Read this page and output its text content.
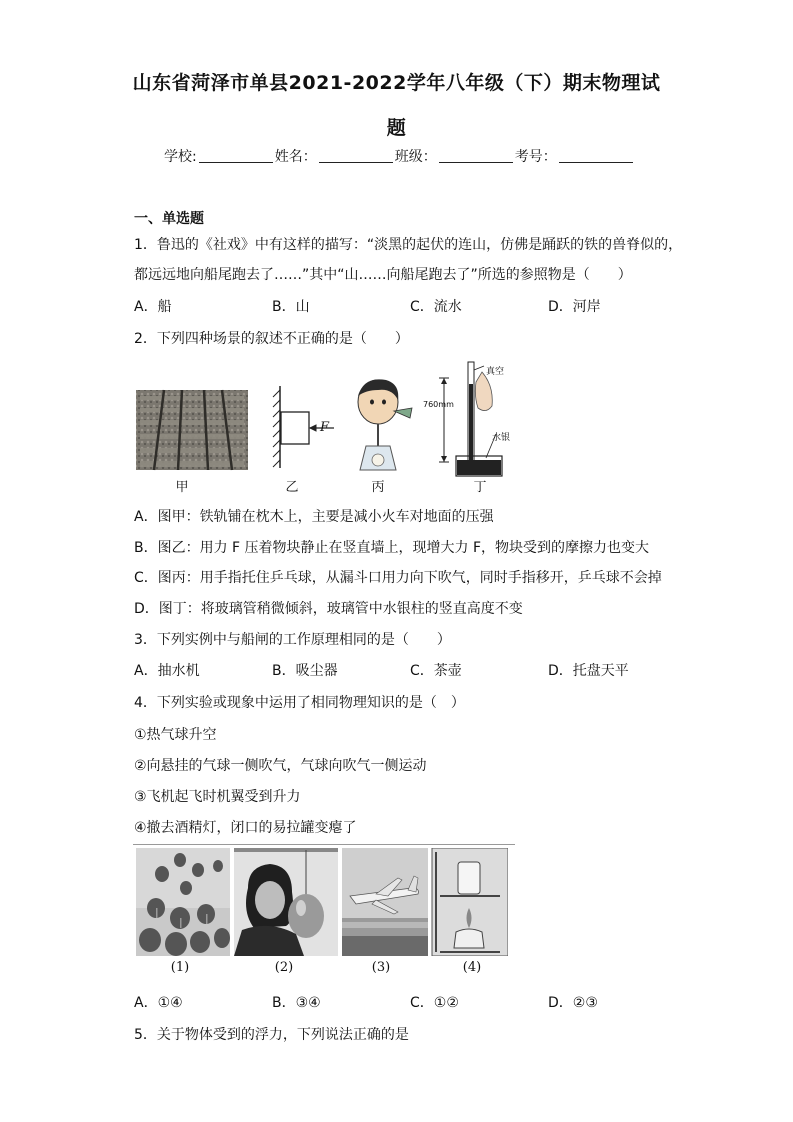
山东省菏泽市单县2021-2022学年八年级（下）期末物理试
题
学校:	姓名：	班级：	考号：
一、单选题
1．鲁迅的《社戏》中有这样的描写：“淡黑的起伏的连山，仿佛是踊跃的铁的兽脊似的，
都远远地向船尾跑去了……”其中“山……向船尾跑去了”所选的参照物是（　　）
A．船	B．山	C．流水	D．河岸
2．下列四种场景的叙述不正确的是（　　）
F
真空
水银
760mm
甲	乙	丙	丁
A．图甲：铁轨铺在枕木上，主要是减小火车对地面的压强
B．图乙：用力 F 压着物块静止在竖直墙上，现增大力 F，物块受到的摩擦力也变大
C．图丙：用手指托住乒乓球，从漏斗口用力向下吹气，同时手指移开，乒乓球不会掉
D．图丁：将玻璃管稍微倾斜，玻璃管中水银柱的竖直高度不变
3．下列实例中与船闸的工作原理相同的是（　　）
A．抽水机	B．吸尘器	C．茶壶	D．托盘天平
4．下列实验或现象中运用了相同物理知识的是（　）
①热气球升空
②向悬挂的气球一侧吹气，气球向吹气一侧运动
③飞机起飞时机翼受到升力
④撤去酒精灯，闭口的易拉罐变瘪了
(1)	(2)	(3)	(4)
A．①④	B．③④	C．①②	D．②③
5．关于物体受到的浮力，下列说法正确的是
